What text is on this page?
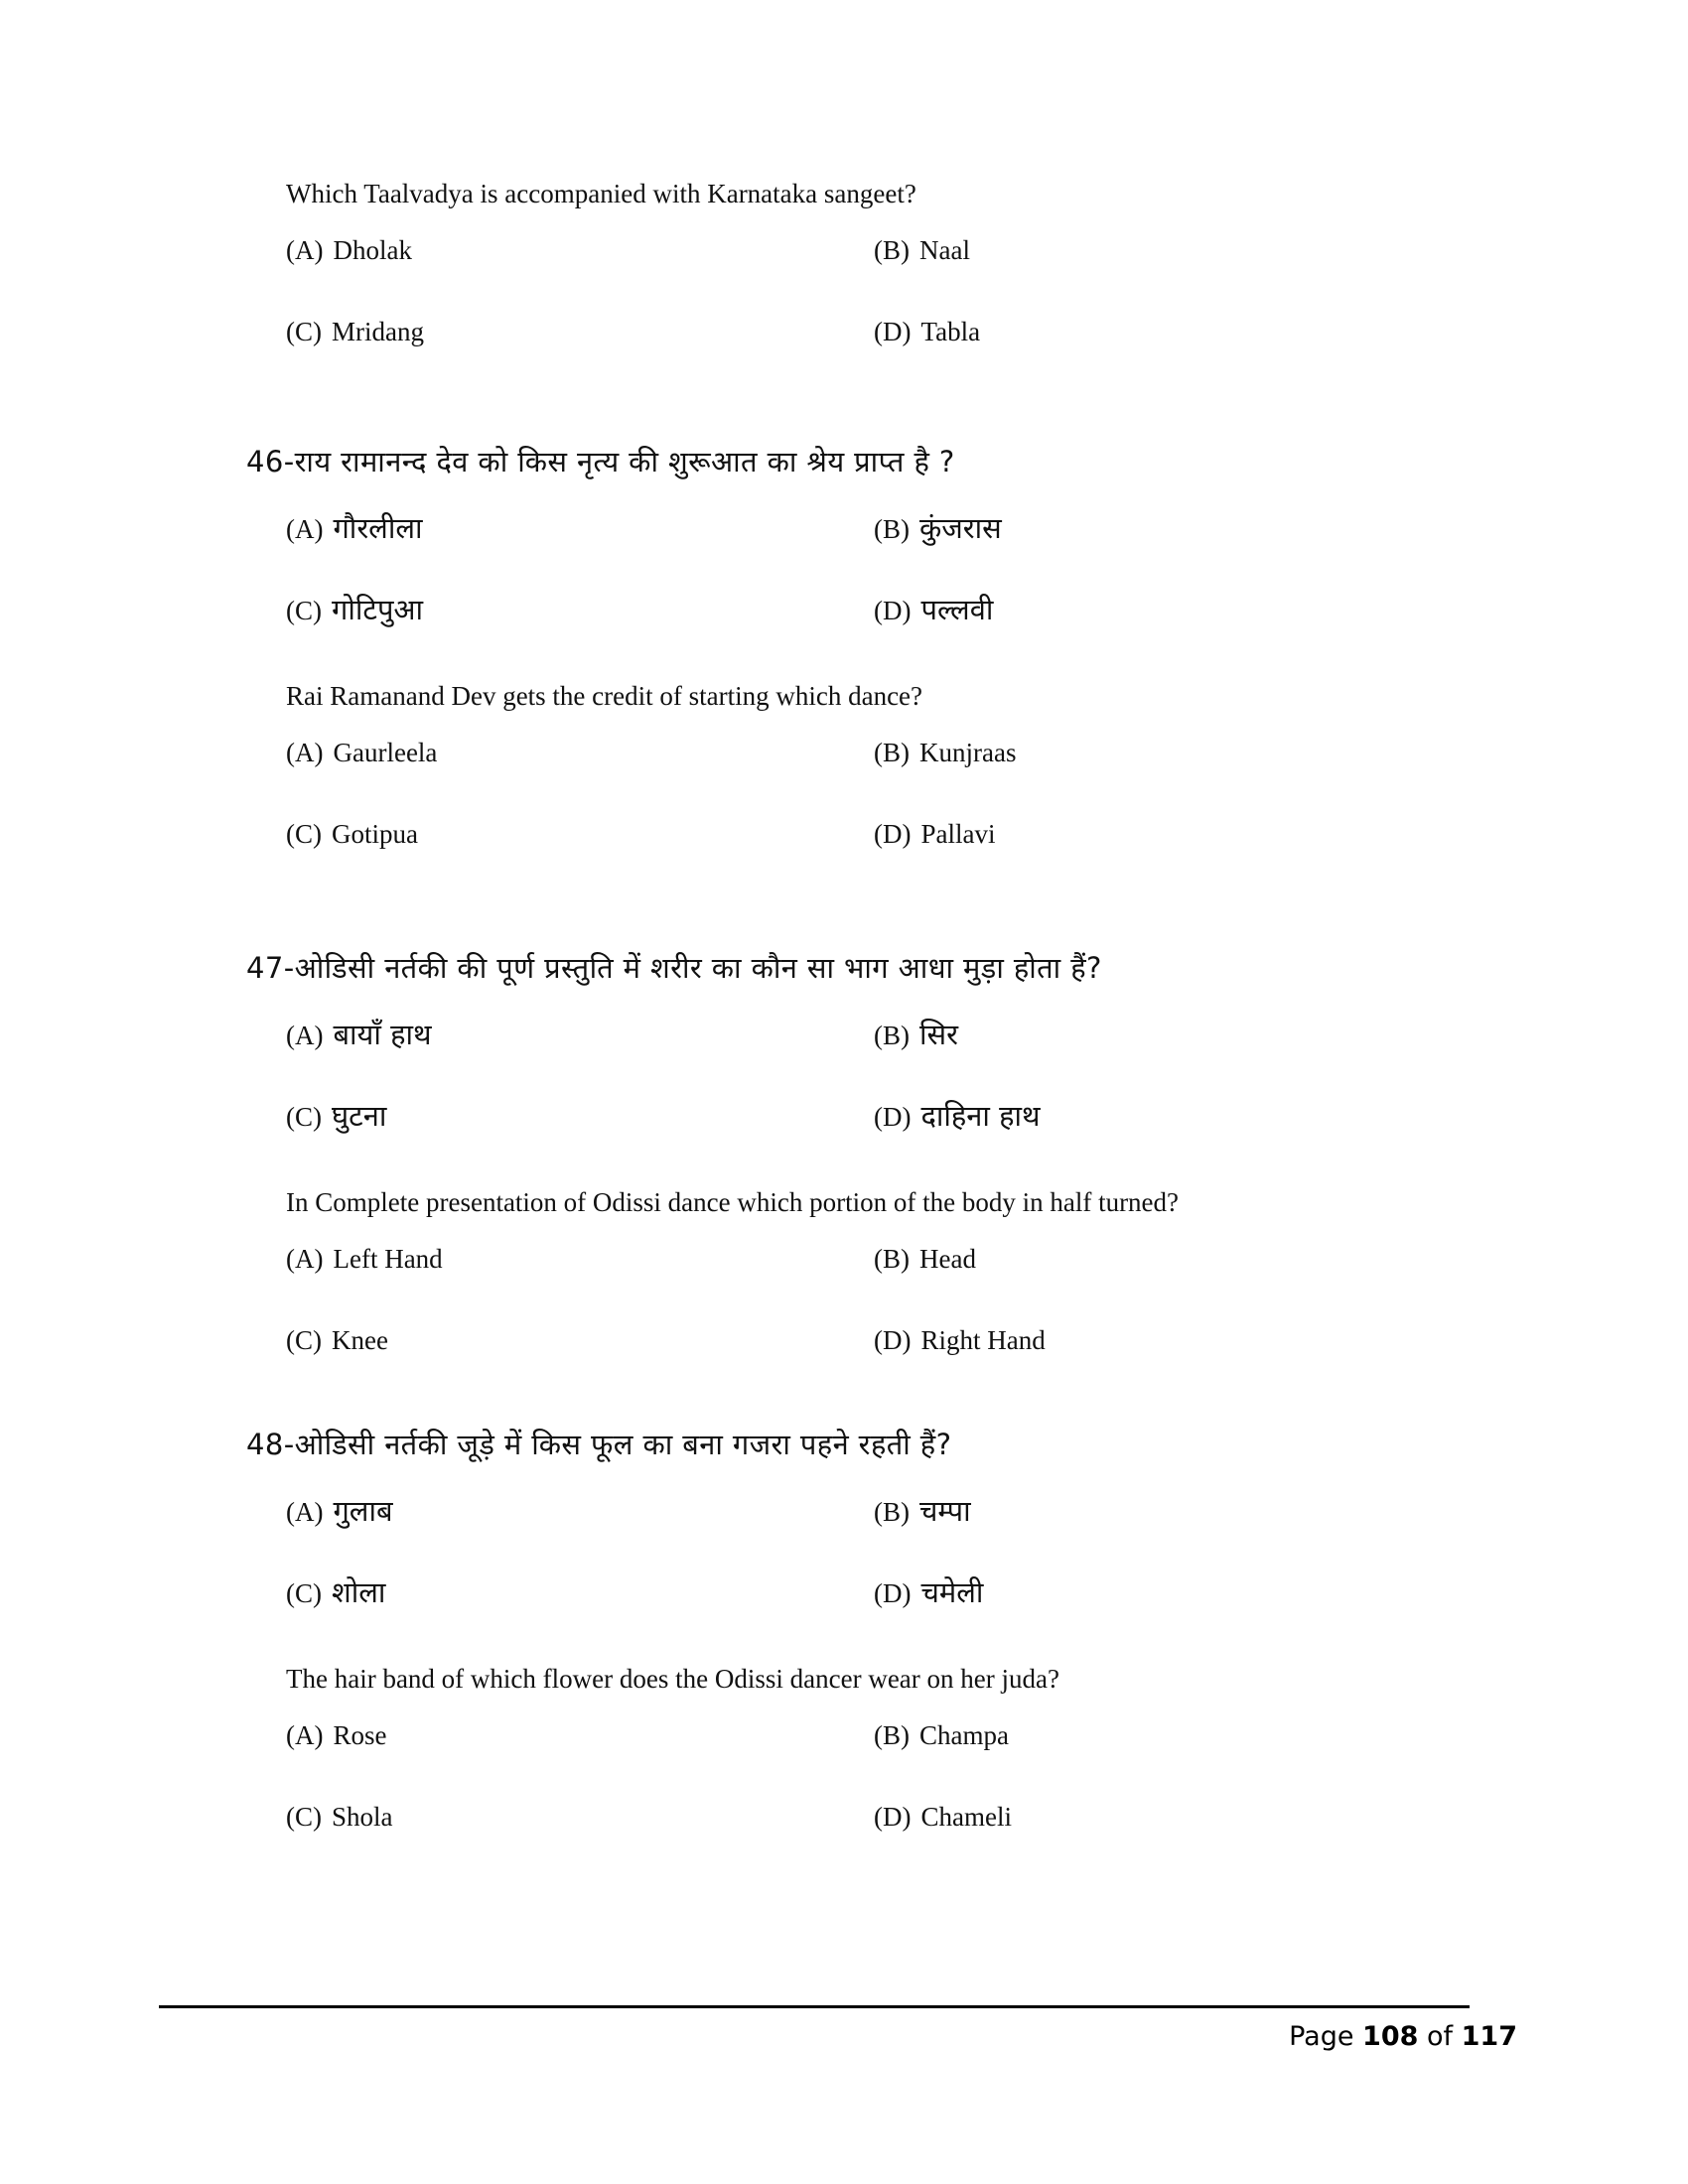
Which Taalvadya is accompanied with Karnataka sangeet?
(A) Dholak	(B) Naal
(C) Mridang	(D) Tabla
46-राय रामानन्द देव को किस नृत्य की शुरूआत का श्रेय प्राप्त है ?
(A) गौरलीला	(B) कुंजरास
(C) गोटिपुआ	(D) पल्लवी
Rai Ramanand Dev gets the credit of starting which dance?
(A) Gaurleela	(B) Kunjraas
(C) Gotipua	(D) Pallavi
47-ओडिसी नर्तकी की पूर्ण प्रस्तुति में शरीर का कौन सा भाग आधा मुड़ा होता हैं?
(A) बायाँ हाथ	(B) सिर
(C) घुटना	(D) दाहिना हाथ
In Complete presentation of Odissi dance which portion of the body in half turned?
(A) Left Hand	(B) Head
(C) Knee	(D) Right Hand
48-ओडिसी नर्तकी जूड़े में किस फूल का बना गजरा पहने रहती हैं?
(A) गुलाब	(B) चम्पा
(C) शोला	(D) चमेली
The hair band of which flower does the Odissi dancer wear on her juda?
(A) Rose	(B) Champa
(C) Shola	(D) Chameli
Page 108 of 117
